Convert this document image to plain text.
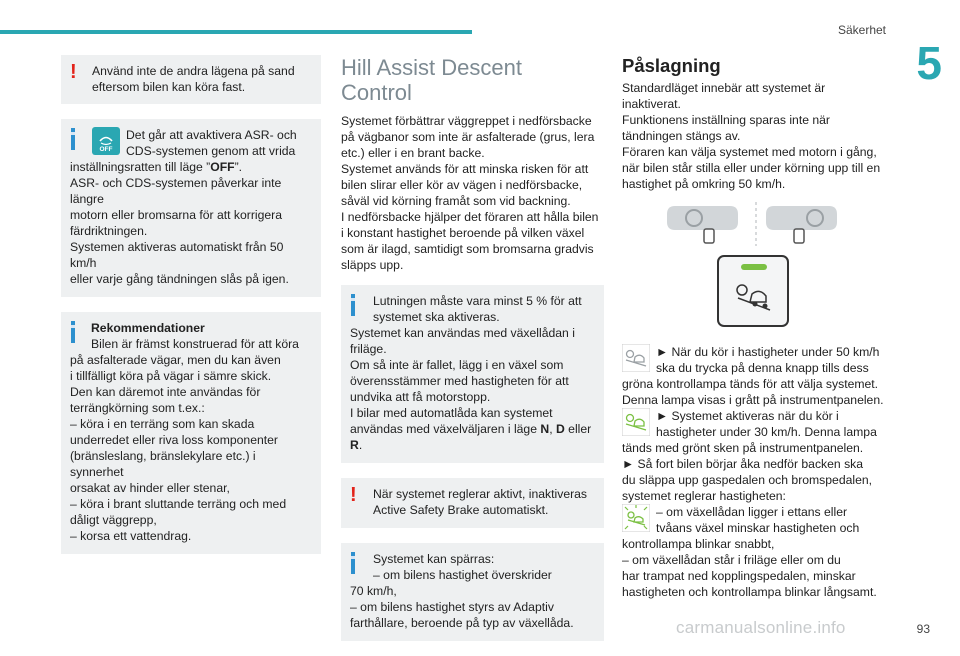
Säkerhet
5
! Använd inte de andra lägena på sand
eftersom bilen kan köra fast.
OFF
Det går att avaktivera ASR- och
CDS-systemen genom att vrida
inställningsratten till läge ”OFF”.
ASR- och CDS-systemen påverkar inte längre
motorn eller bromsarna för att korrigera
färdriktningen.
Systemen aktiveras automatiskt från 50 km/h
eller varje gång tändningen slås på igen.
Rekommendationer
Bilen är främst konstruerad för att köra
på asfalterade vägar, men du kan även
i tillfälligt köra på vägar i sämre skick.
Den kan däremot inte användas för
terrängkörning som t.ex.:
– köra i en terräng som kan skada
underredet eller riva loss komponenter
(bränsleslang, bränslekylare etc.) i synnerhet
orsakat av hinder eller stenar,
– köra i brant sluttande terräng och med
dåligt väggrepp,
– korsa ett vattendrag.
Hill Assist Descent Control
Systemet förbättrar väggreppet i nedförsbacke
på vägbanor som inte är asfalterade (grus, lera
etc.) eller i en brant backe.
Systemet används för att minska risken för att
bilen slirar eller kör av vägen i nedförsbacke,
såväl vid körning framåt som vid backning.
I nedförsbacke hjälper det föraren att hålla bilen
i konstant hastighet beroende på vilken växel
som är ilagd, samtidigt som bromsarna gradvis
släpps upp.
Lutningen måste vara minst 5 % för att
systemet ska aktiveras.
Systemet kan användas med växellådan i
friläge.
Om så inte är fallet, lägg i en växel som
överensstämmer med hastigheten för att
undvika att få motorstopp.
I bilar med automatlåda kan systemet
användas med växelväljaren i läge N, D eller
R.
! När systemet reglerar aktivt, inaktiveras
Active Safety Brake automatiskt.
Systemet kan spärras:
– om bilens hastighet överskrider
70 km/h,
– om bilens hastighet styrs av Adaptiv
farthållare, beroende på typ av växellåda.
Påslagning
Standardläget innebär att systemet är
inaktiverat.
Funktionens inställning sparas inte när
tändningen stängs av.
Föraren kan välja systemet med motorn i gång,
när bilen står stilla eller under körning upp till en
hastighet på omkring 50 km/h.
► När du kör i hastigheter under 50 km/h
ska du trycka på denna knapp tills dess
gröna kontrollampa tänds för att välja systemet.
Denna lampa visas i grått på instrumentpanelen.
► Systemet aktiveras när du kör i
hastigheter under 30 km/h. Denna lampa
tänds med grönt sken på instrumentpanelen.
► Så fort bilen börjar åka nedför backen ska
du släppa upp gaspedalen och bromspedalen,
systemet reglerar hastigheten:
– om växellådan ligger i ettans eller
tvåans växel minskar hastigheten och
kontrollampa blinkar snabbt,
– om växellådan står i friläge eller om du
har trampat ned kopplingspedalen, minskar
hastigheten och kontrollampa blinkar långsamt.
carmanualsonline.info	93
